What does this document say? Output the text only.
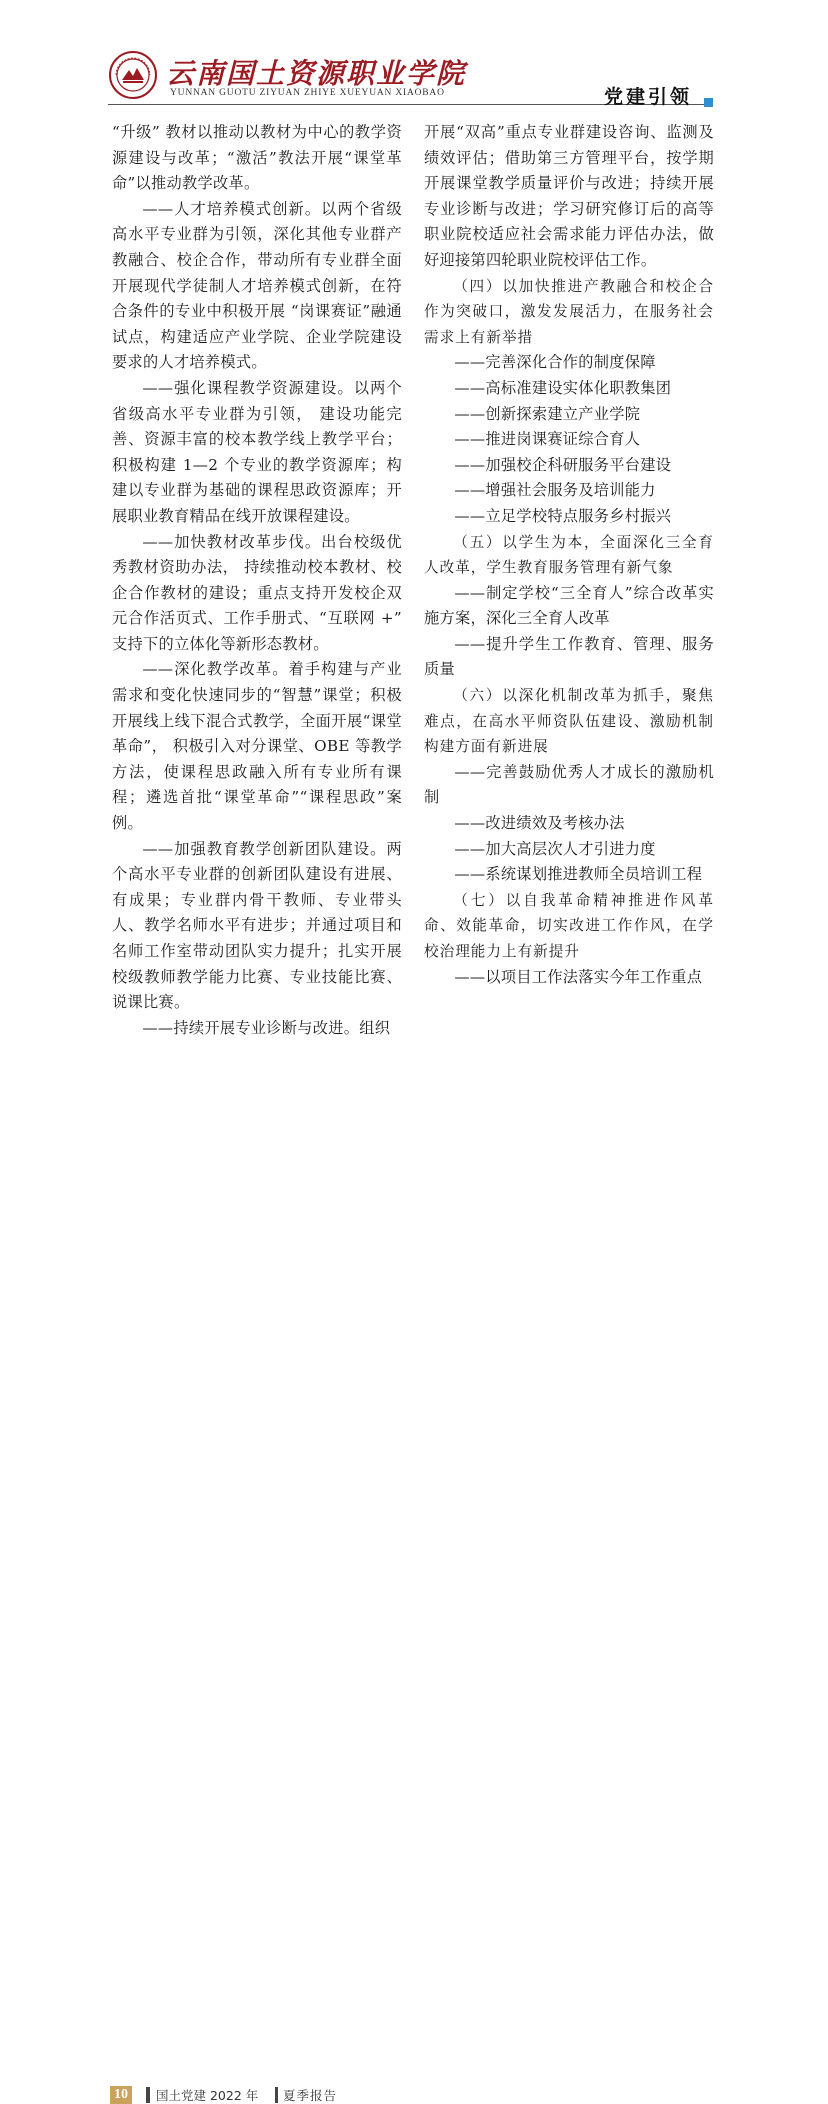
云南国土资源职业学院
YUNNAN GUOTU ZIYUAN ZHIYE XUEYUAN XIAOBAO	党建引领

“升级” 教材以推动以教材为中心的教学资源建设与改革；“激活”教法开展“课堂革命”以推动教学改革。

——人才培养模式创新。以两个省级高水平专业群为引领，深化其他专业群产教融合、校企合作，带动所有专业群全面开展现代学徒制人才培养模式创新，在符合条件的专业中积极开展 “岗课赛证”融通试点，构建适应产业学院、企业学院建设要求的人才培养模式。

——强化课程教学资源建设。以两个省级高水平专业群为引领， 建设功能完善、资源丰富的校本教学线上教学平台；积极构建 1—2 个专业的教学资源库；构建以专业群为基础的课程思政资源库；开展职业教育精品在线开放课程建设。

——加快教材改革步伐。出台校级优秀教材资助办法， 持续推动校本教材、校企合作教材的建设；重点支持开发校企双元合作活页式、工作手册式、“互联网 +” 支持下的立体化等新形态教材。

——深化教学改革。着手构建与产业需求和变化快速同步的“智慧”课堂；积极开展线上线下混合式教学，全面开展“课堂革命”， 积极引入对分课堂、OBE 等教学方法，使课程思政融入所有专业所有课程；遴选首批“课堂革命”“课程思政”案例。

——加强教育教学创新团队建设。两个高水平专业群的创新团队建设有进展、有成果；专业群内骨干教师、专业带头人、教学名师水平有进步；并通过项目和名师工作室带动团队实力提升；扎实开展校级教师教学能力比赛、专业技能比赛、说课比赛。

——持续开展专业诊断与改进。组织

开展“双高”重点专业群建设咨询、监测及绩效评估；借助第三方管理平台，按学期开展课堂教学质量评价与改进；持续开展专业诊断与改进；学习研究修订后的高等职业院校适应社会需求能力评估办法，做好迎接第四轮职业院校评估工作。

（四）以加快推进产教融合和校企合作为突破口，激发发展活力，在服务社会需求上有新举措

——完善深化合作的制度保障

——高标准建设实体化职教集团

——创新探索建立产业学院

——推进岗课赛证综合育人

——加强校企科研服务平台建设

——增强社会服务及培训能力

——立足学校特点服务乡村振兴

（五）以学生为本，全面深化三全育人改革，学生教育服务管理有新气象

——制定学校“三全育人”综合改革实施方案，深化三全育人改革

——提升学生工作教育、管理、服务质量

（六）以深化机制改革为抓手，聚焦难点，在高水平师资队伍建设、激励机制构建方面有新进展

——完善鼓励优秀人才成长的激励机制

——改进绩效及考核办法

——加大高层次人才引进力度

——系统谋划推进教师全员培训工程

（七）以自我革命精神推进作风革命、效能革命，切实改进工作作风，在学校治理能力上有新提升

——以项目工作法落实今年工作重点

10	国土党建 2022 年 夏季报告
